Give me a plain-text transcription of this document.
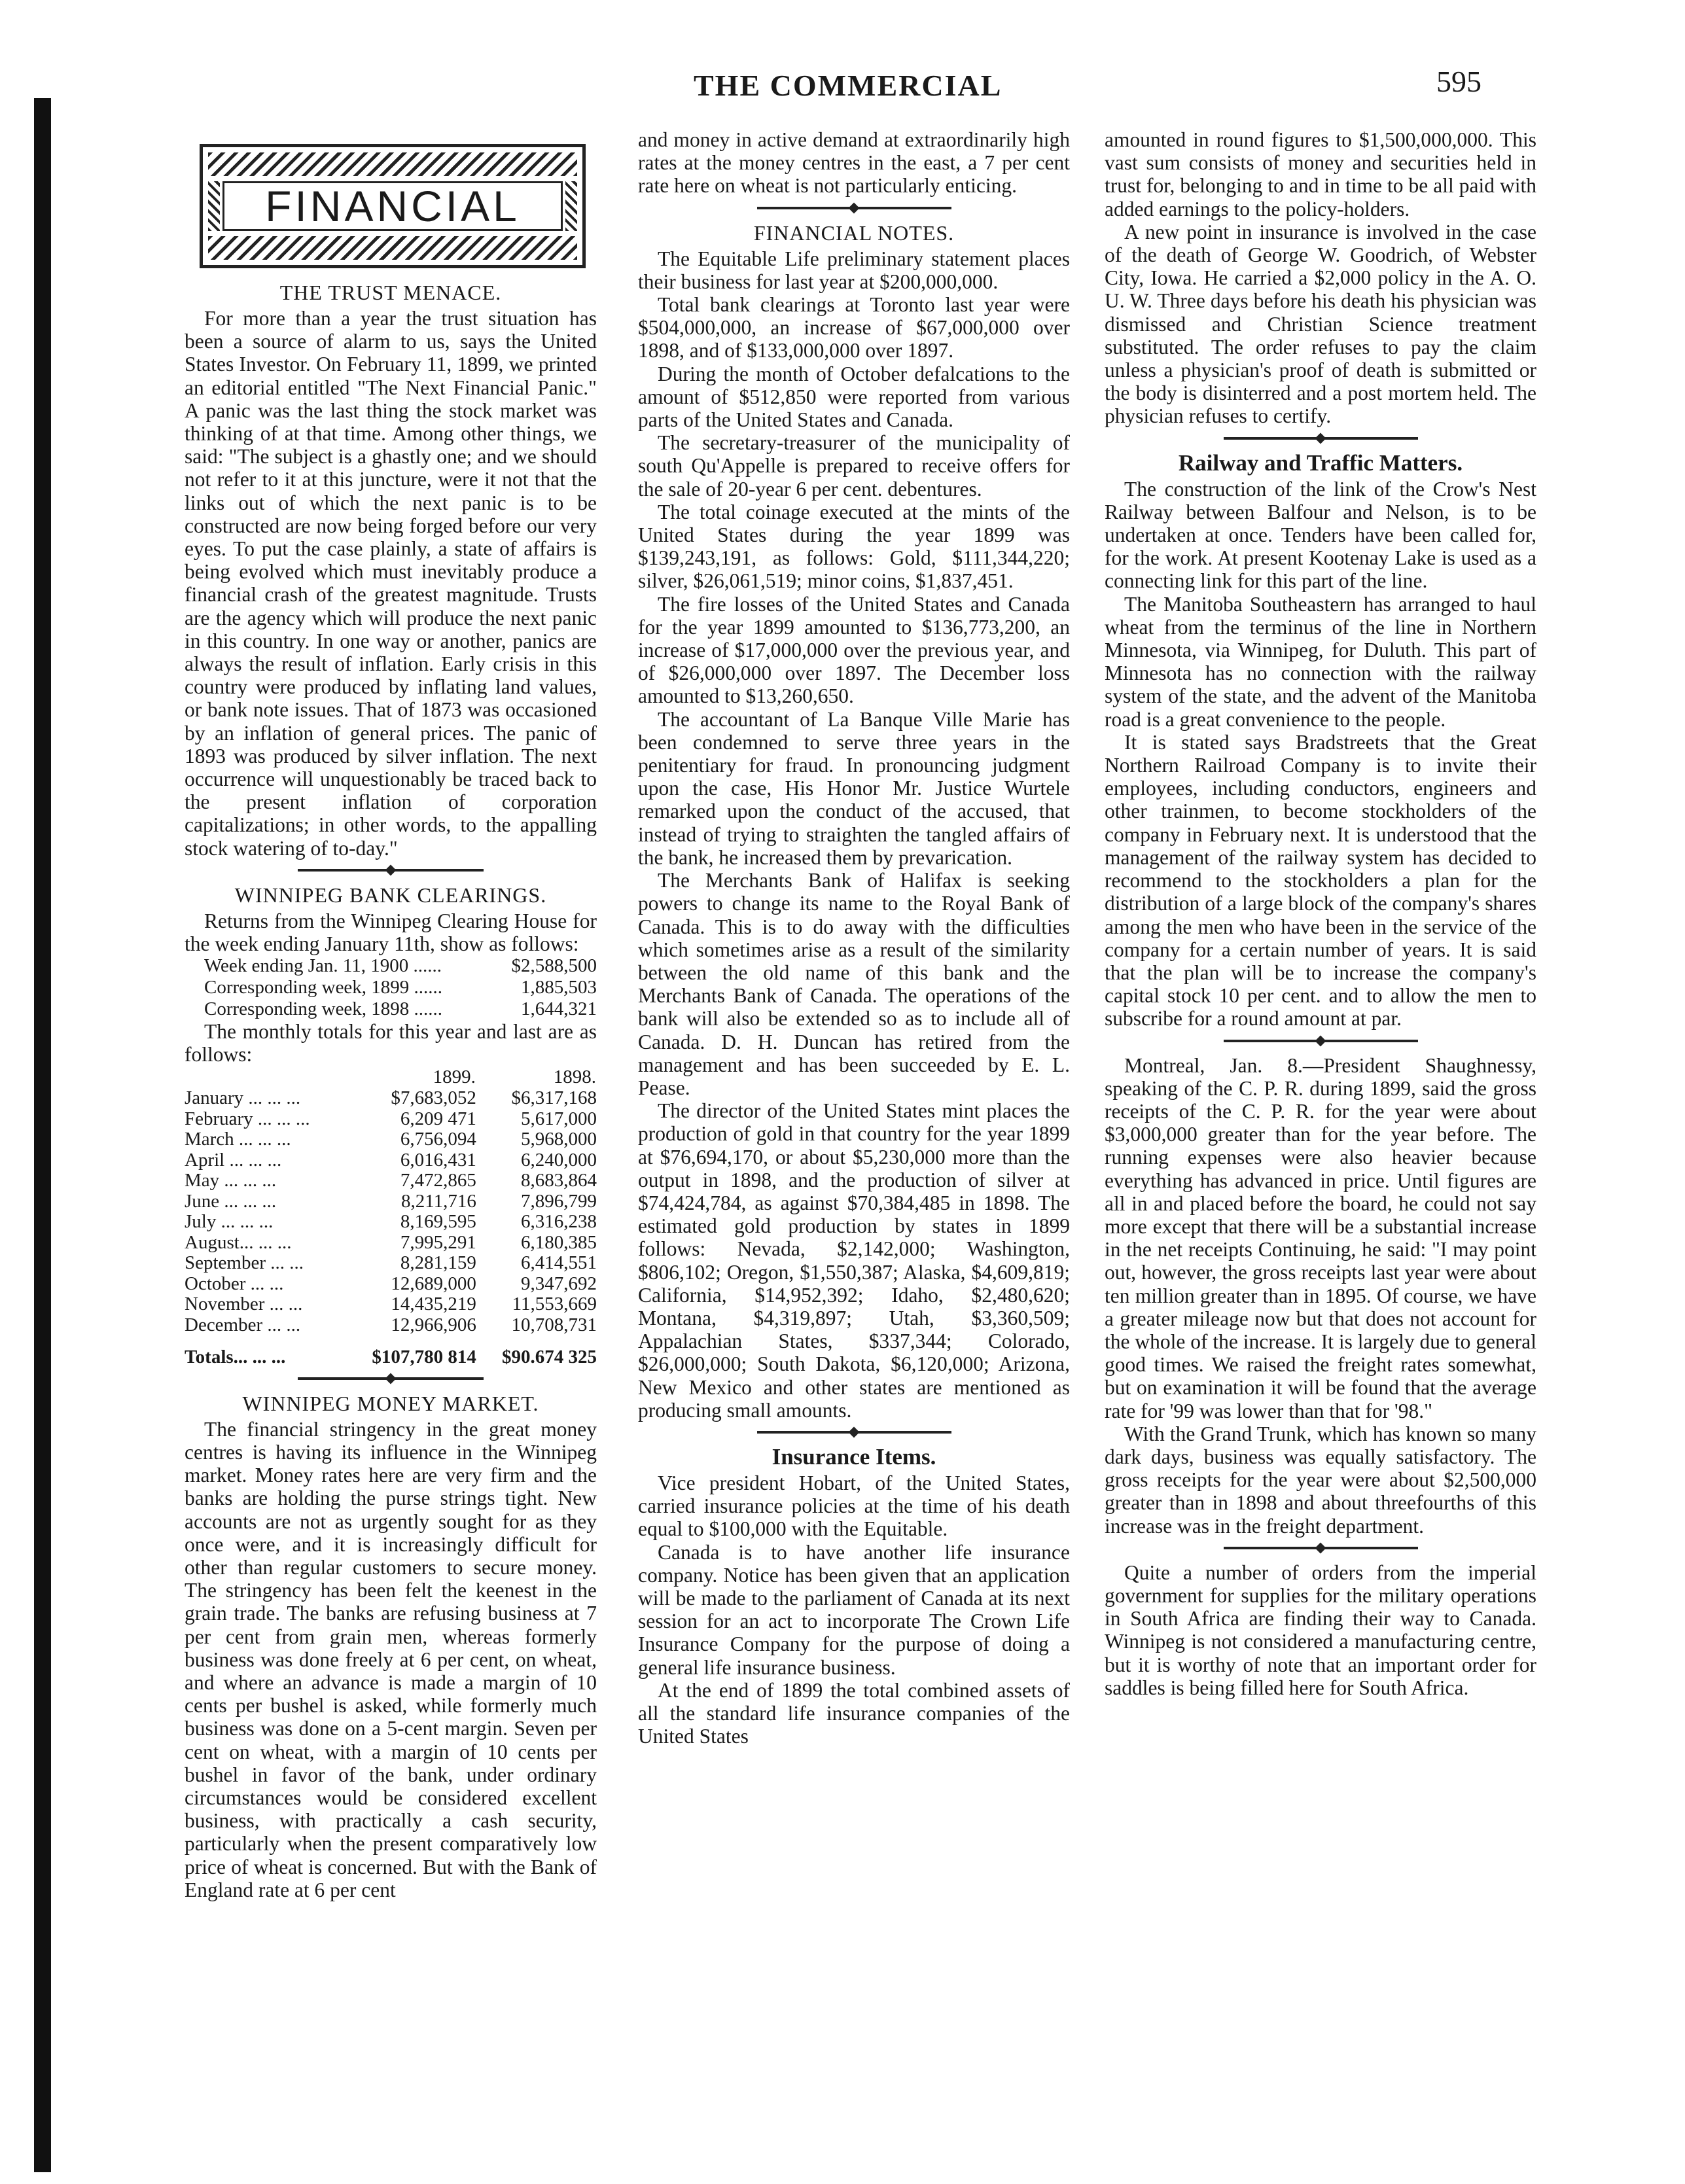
THE COMMERCIAL	595
FINANCIAL
THE TRUST MENACE.

For more than a year the trust situation has been a source of alarm to us, says the United States Investor. On February 11, 1899, we printed an editorial entitled "The Next Financial Panic." A panic was the last thing the stock market was thinking of at that time. Among other things, we said: "The subject is a ghastly one; and we should not refer to it at this juncture, were it not that the links out of which the next panic is to be constructed are now being forged before our very eyes. To put the case plainly, a state of affairs is being evolved which must inevitably produce a financial crash of the greatest magnitude. Trusts are the agency which will produce the next panic in this country. In one way or another, panics are always the result of inflation. Early crisis in this country were produced by inflating land values, or bank note issues. That of 1873 was occasioned by an inflation of general prices. The panic of 1893 was produced by silver inflation. The next occurrence will unquestionably be traced back to the present inflation of corporation capitalizations; in other words, to the appalling stock watering of to-day."

WINNIPEG BANK CLEARINGS.

Returns from the Winnipeg Clearing House for the week ending January 11th, show as follows:

Week ending Jan. 11, 1900 ......	$2,588,500

Corresponding week, 1899 ......	1,885,503

Corresponding week, 1898 ......	1,644,321

The monthly totals for this year and last are as follows:

	1899.	1898.
January ... ... ...	$7,683,052	$6,317,168
February ... ... ...	6,209 471	5,617,000
March ... ... ...	6,756,094	5,968,000
April ... ... ...	6,016,431	6,240,000
May ... ... ...	7,472,865	8,683,864
June ... ... ...	8,211,716	7,896,799
July ... ... ...	8,169,595	6,316,238
August... ... ...	7,995,291	6,180,385
September ... ...	8,281,159	6,414,551
October ... ...	12,689,000	9,347,692
November ... ...	14,435,219	11,553,669
December ... ...	12,966,906	10,708,731
Totals... ... ...	$107,780 814	$90.674 325
WINNIPEG MONEY MARKET.

The financial stringency in the great money centres is having its influence in the Winnipeg market. Money rates here are very firm and the banks are holding the purse strings tight. New accounts are not as urgently sought for as they once were, and it is increasingly difficult for other than regular customers to secure money. The stringency has been felt the keenest in the grain trade. The banks are refusing business at 7 per cent from grain men, whereas formerly business was done freely at 6 per cent, on wheat, and where an advance is made a margin of 10 cents per bushel is asked, while formerly much business was done on a 5-cent margin. Seven per cent on wheat, with a margin of 10 cents per bushel in favor of the bank, under ordinary circumstances would be considered excellent business, with practically a cash security, particularly when the present comparatively low price of wheat is concerned. But with the Bank of England rate at 6 per cent

and money in active demand at extraordinarily high rates at the money centres in the east, a 7 per cent rate here on wheat is not particularly enticing.

FINANCIAL NOTES.

The Equitable Life preliminary statement places their business for last year at $200,000,000.

Total bank clearings at Toronto last year were $504,000,000, an increase of $67,000,000 over 1898, and of $133,000,000 over 1897.

During the month of October defalcations to the amount of $512,850 were reported from various parts of the United States and Canada.

The secretary-treasurer of the municipality of south Qu'Appelle is prepared to receive offers for the sale of 20-year 6 per cent. debentures.

The total coinage executed at the mints of the United States during the year 1899 was $139,243,191, as follows: Gold, $111,344,220; silver, $26,061,519; minor coins, $1,837,451.

The fire losses of the United States and Canada for the year 1899 amounted to $136,773,200, an increase of $17,000,000 over the previous year, and of $26,000,000 over 1897. The December loss amounted to $13,260,650.

The accountant of La Banque Ville Marie has been condemned to serve three years in the penitentiary for fraud. In pronouncing judgment upon the case, His Honor Mr. Justice Wurtele remarked upon the conduct of the accused, that instead of trying to straighten the tangled affairs of the bank, he increased them by prevarication.

The Merchants Bank of Halifax is seeking powers to change its name to the Royal Bank of Canada. This is to do away with the difficulties which sometimes arise as a result of the similarity between the old name of this bank and the Merchants Bank of Canada. The operations of the bank will also be extended so as to include all of Canada. D. H. Duncan has retired from the management and has been succeeded by E. L. Pease.

The director of the United States mint places the production of gold in that country for the year 1899 at $76,694,170, or about $5,230,000 more than the output in 1898, and the production of silver at $74,424,784, as against $70,384,485 in 1898. The estimated gold production by states in 1899 follows: Nevada, $2,142,000; Washington, $806,102; Oregon, $1,550,387; Alaska, $4,609,819; California, $14,952,392; Idaho, $2,480,620; Montana, $4,319,897; Utah, $3,360,509; Appalachian States, $337,344; Colorado, $26,000,000; South Dakota, $6,120,000; Arizona, New Mexico and other states are mentioned as producing small amounts.

Insurance Items.

Vice president Hobart, of the United States, carried insurance policies at the time of his death equal to $100,000 with the Equitable.

Canada is to have another life insurance company. Notice has been given that an application will be made to the parliament of Canada at its next session for an act to incorporate The Crown Life Insurance Company for the purpose of doing a general life insurance business.

At the end of 1899 the total combined assets of all the standard life insurance companies of the United States

amounted in round figures to $1,500,000,000. This vast sum consists of money and securities held in trust for, belonging to and in time to be all paid with added earnings to the policy-holders.

A new point in insurance is involved in the case of the death of George W. Goodrich, of Webster City, Iowa. He carried a $2,000 policy in the A. O. U. W. Three days before his death his physician was dismissed and Christian Science treatment substituted. The order refuses to pay the claim unless a physician's proof of death is submitted or the body is disinterred and a post mortem held. The physician refuses to certify.

Railway and Traffic Matters.

The construction of the link of the Crow's Nest Railway between Balfour and Nelson, is to be undertaken at once. Tenders have been called for, for the work. At present Kootenay Lake is used as a connecting link for this part of the line.

The Manitoba Southeastern has arranged to haul wheat from the terminus of the line in Northern Minnesota, via Winnipeg, for Duluth. This part of Minnesota has no connection with the railway system of the state, and the advent of the Manitoba road is a great convenience to the people.

It is stated says Bradstreets that the Great Northern Railroad Company is to invite their employees, including conductors, engineers and other trainmen, to become stockholders of the company in February next. It is understood that the management of the railway system has decided to recommend to the stockholders a plan for the distribution of a large block of the company's shares among the men who have been in the service of the company for a certain number of years. It is said that the plan will be to increase the company's capital stock 10 per cent. and to allow the men to subscribe for a round amount at par.

Montreal, Jan. 8.—President Shaughnessy, speaking of the C. P. R. during 1899, said the gross receipts of the C. P. R. for the year were about $3,000,000 greater than for the year before. The running expenses were also heavier because everything has advanced in price. Until figures are all in and placed before the board, he could not say more except that there will be a substantial increase in the net receipts Continuing, he said: "I may point out, however, the gross receipts last year were about ten million greater than in 1895. Of course, we have a greater mileage now but that does not account for the whole of the increase. It is largely due to general good times. We raised the freight rates somewhat, but on examination it will be found that the average rate for '99 was lower than that for '98."

With the Grand Trunk, which has known so many dark days, business was equally satisfactory. The gross receipts for the year were about $2,500,000 greater than in 1898 and about threefourths of this increase was in the freight department.

Quite a number of orders from the imperial government for supplies for the military operations in South Africa are finding their way to Canada. Winnipeg is not considered a manufacturing centre, but it is worthy of note that an important order for saddles is being filled here for South Africa.
